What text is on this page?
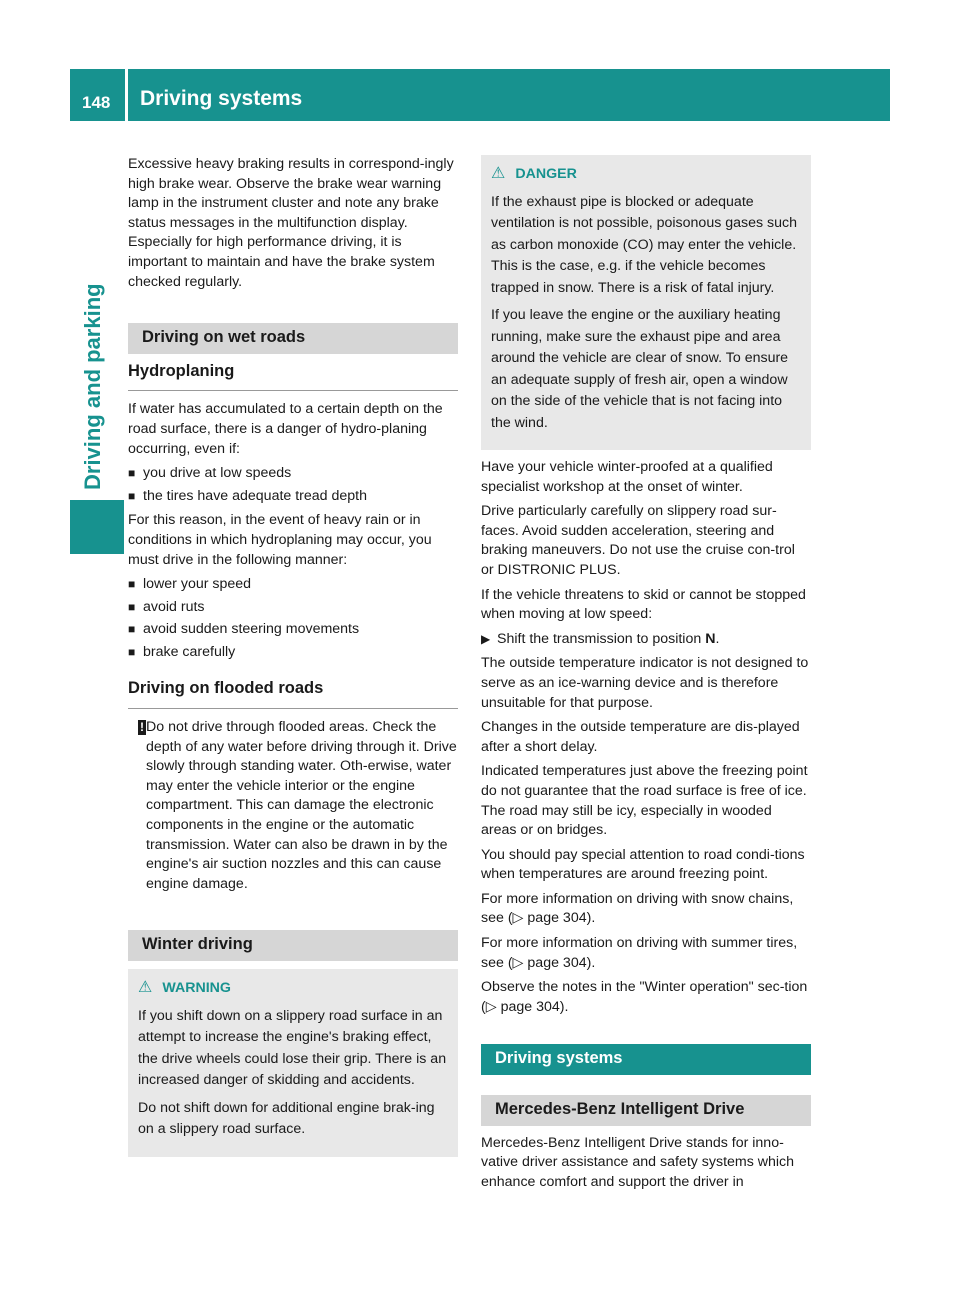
148 Driving systems
Driving and parking

Excessive heavy braking results in correspond-ingly high brake wear. Observe the brake wear warning lamp in the instrument cluster and note any brake status messages in the multifunction display. Especially for high performance driving, it is important to maintain and have the brake system checked regularly.

Driving on wet roads
Hydroplaning

If water has accumulated to a certain depth on the road surface, there is a danger of hydro-planing occurring, even if:

■ you drive at low speeds
■ the tires have adequate tread depth

For this reason, in the event of heavy rain or in conditions in which hydroplaning may occur, you must drive in the following manner:

■ lower your speed
■ avoid ruts
■ avoid sudden steering movements
■ brake carefully
Driving on flooded roads
! Do not drive through flooded areas. Check the depth of any water before driving through it. Drive slowly through standing water. Oth-erwise, water may enter the vehicle interior or the engine compartment. This can damage the electronic components in the engine or the automatic transmission. Water can also be drawn in by the engine's air suction nozzles and this can cause engine damage.
Winter driving
⚠ WARNING

If you shift down on a slippery road surface in an attempt to increase the engine's braking effect, the drive wheels could lose their grip. There is an increased danger of skidding and accidents.

Do not shift down for additional engine brak-ing on a slippery road surface.

⚠ DANGER

If the exhaust pipe is blocked or adequate ventilation is not possible, poisonous gases such as carbon monoxide (CO) may enter the vehicle. This is the case, e.g. if the vehicle becomes trapped in snow. There is a risk of fatal injury.

If you leave the engine or the auxiliary heating running, make sure the exhaust pipe and area around the vehicle are clear of snow. To ensure an adequate supply of fresh air, open a window on the side of the vehicle that is not facing into the wind.

Have your vehicle winter-proofed at a qualified specialist workshop at the onset of winter.

Drive particularly carefully on slippery road sur-faces. Avoid sudden acceleration, steering and braking maneuvers. Do not use the cruise con-trol or DISTRONIC PLUS.

If the vehicle threatens to skid or cannot be stopped when moving at low speed:

▶ Shift the transmission to position N.

The outside temperature indicator is not designed to serve as an ice-warning device and is therefore unsuitable for that purpose.

Changes in the outside temperature are dis-played after a short delay.

Indicated temperatures just above the freezing point do not guarantee that the road surface is free of ice. The road may still be icy, especially in wooded areas or on bridges.

You should pay special attention to road condi-tions when temperatures are around freezing point.

For more information on driving with snow chains, see (▷ page 304).

For more information on driving with summer tires, see (▷ page 304).

Observe the notes in the "Winter operation" sec-tion (▷ page 304).

Driving systems
Mercedes-Benz Intelligent Drive

Mercedes-Benz Intelligent Drive stands for inno-vative driver assistance and safety systems which enhance comfort and support the driver in
